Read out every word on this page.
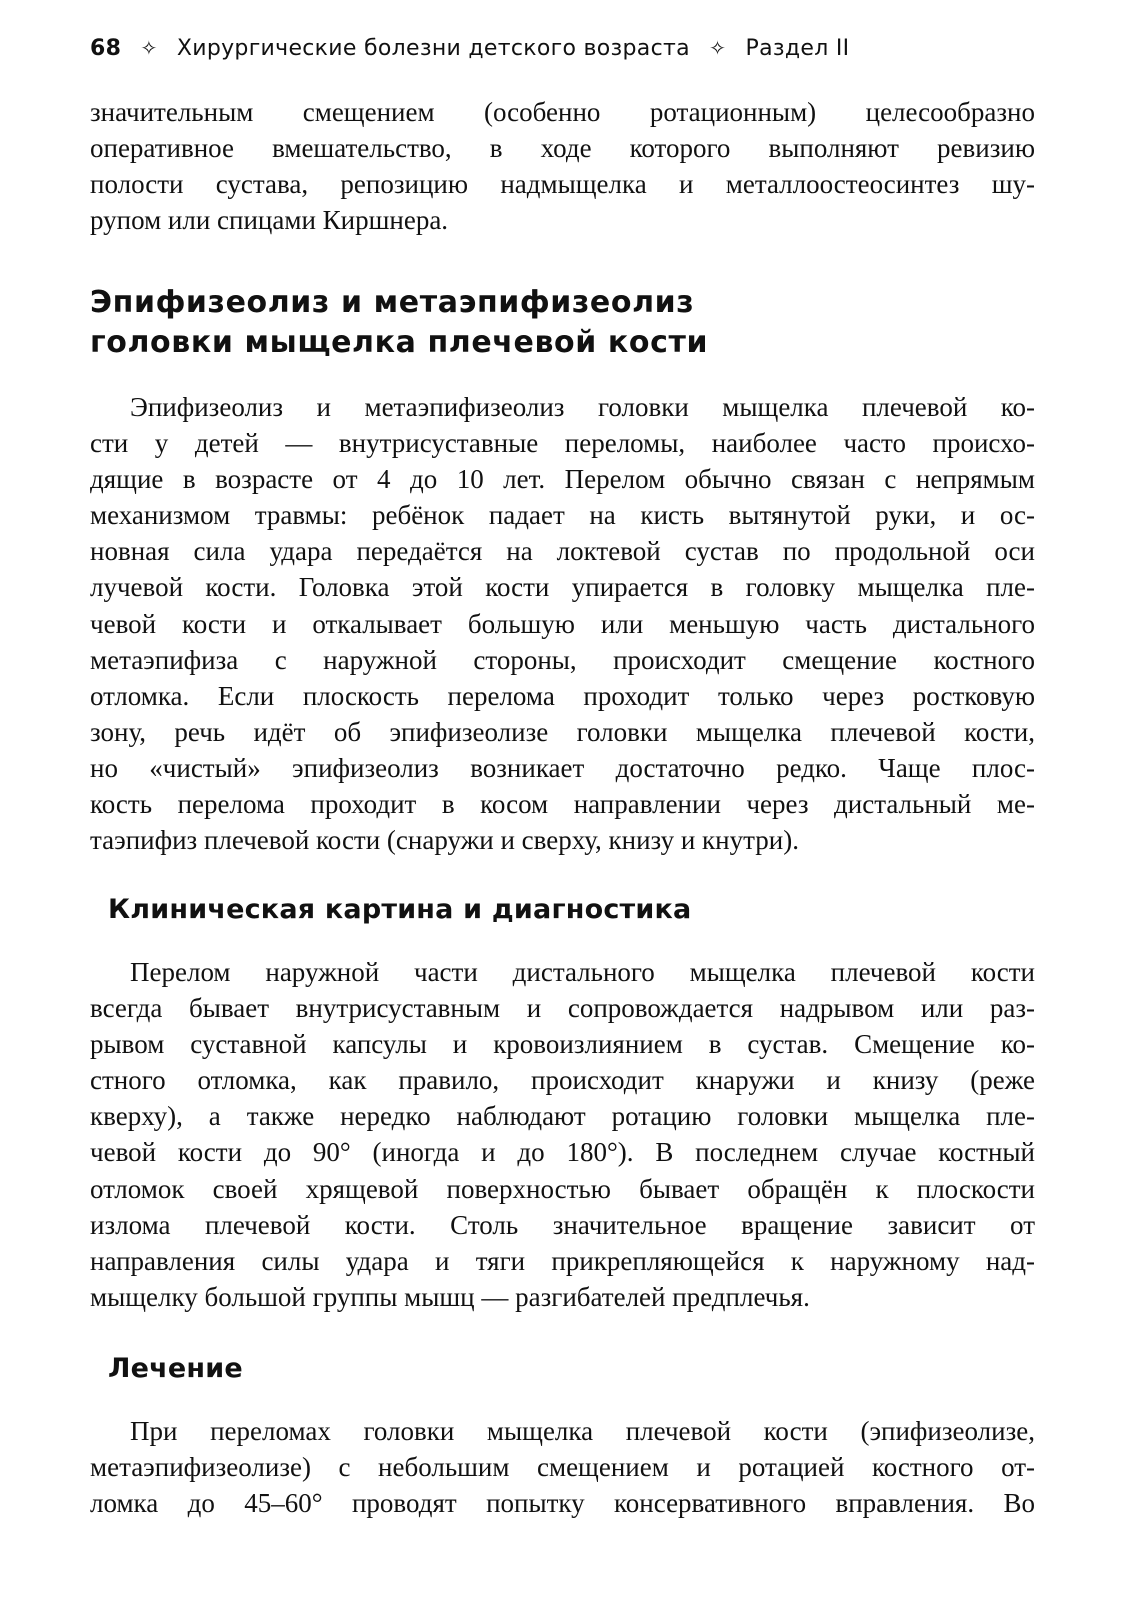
68 ✧ Хирургические болезни детского возраста ✧ Раздел II
значительным смещением (особенно ротационным) целесообразно
оперативное вмешательство, в ходе которого выполняют ревизию
полости сустава, репозицию надмыщелка и металлоостеосинтез шу-
рупом или спицами Киршнера.
Эпифизеолиз и метаэпифизеолиз
головки мыщелка плечевой кости
Эпифизеолиз и метаэпифизеолиз головки мыщелка плечевой ко-
сти у детей — внутрисуставные переломы, наиболее часто происхо-
дящие в возрасте от 4 до 10 лет. Перелом обычно связан с непрямым
механизмом травмы: ребёнок падает на кисть вытянутой руки, и ос-
новная сила удара передаётся на локтевой сустав по продольной оси
лучевой кости. Головка этой кости упирается в головку мыщелка пле-
чевой кости и откалывает большую или меньшую часть дистального
метаэпифиза с наружной стороны, происходит смещение костного
отломка. Если плоскость перелома проходит только через ростковую
зону, речь идёт об эпифизеолизе головки мыщелка плечевой кости,
но «чистый» эпифизеолиз возникает достаточно редко. Чаще плос-
кость перелома проходит в косом направлении через дистальный ме-
таэпифиз плечевой кости (снаружи и сверху, книзу и кнутри).
Клиническая картина и диагностика
Перелом наружной части дистального мыщелка плечевой кости
всегда бывает внутрисуставным и сопровождается надрывом или раз-
рывом суставной капсулы и кровоизлиянием в сустав. Смещение ко-
стного отломка, как правило, происходит кнаружи и книзу (реже
кверху), а также нередко наблюдают ротацию головки мыщелка пле-
чевой кости до 90° (иногда и до 180°). В последнем случае костный
отломок своей хрящевой поверхностью бывает обращён к плоскости
излома плечевой кости. Столь значительное вращение зависит от
направления силы удара и тяги прикрепляющейся к наружному над-
мыщелку большой группы мышц — разгибателей предплечья.
Лечение
При переломах головки мыщелка плечевой кости (эпифизеолизе,
метаэпифизеолизе) с небольшим смещением и ротацией костного от-
ломка до 45–60° проводят попытку консервативного вправления. Во
